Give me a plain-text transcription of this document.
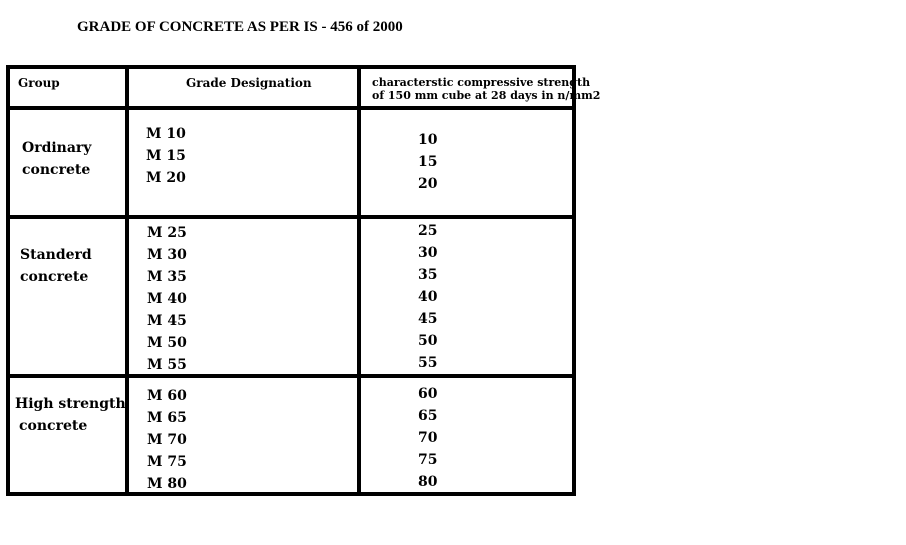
GRADE OF CONCRETE AS PER IS - 456 of 2000
Group	Grade Designation	characterstic compressive strength
of 150 mm cube at 28 days in n/mm2
Ordinary
concrete
M 10
M 15
M 20
10
15
20
Standerd
concrete
M 25
M 30
M 35
M 40
M 45
M 50
M 55
25
30
35
40
45
50
55
High strength
concrete
M 60
M 65
M 70
M 75
M 80
60
65
70
75
80
